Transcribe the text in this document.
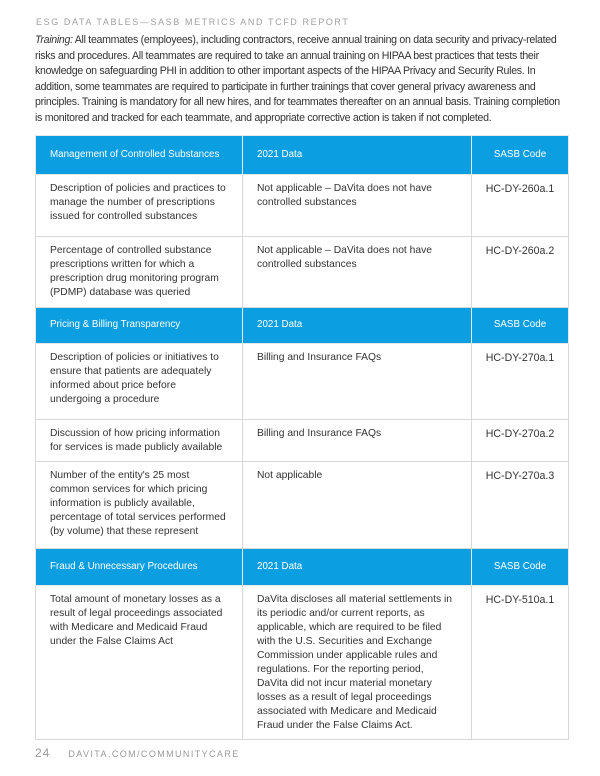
ESG DATA TABLES—SASB METRICS AND TCFD REPORT
Training: All teammates (employees), including contractors, receive annual training on data security and privacy-related risks and procedures. All teammates are required to take an annual training on HIPAA best practices that tests their knowledge on safeguarding PHI in addition to other important aspects of the HIPAA Privacy and Security Rules. In addition, some teammates are required to participate in further trainings that cover general privacy awareness and principles. Training is mandatory for all new hires, and for teammates thereafter on an annual basis. Training completion is monitored and tracked for each teammate, and appropriate corrective action is taken if not completed.
Management of Controlled Substances	2021 Data	SASB Code
Description of policies and practices to manage the number of prescriptions issued for controlled substances	Not applicable – DaVita does not have controlled substances	HC-DY-260a.1
Percentage of controlled substance prescriptions written for which a prescription drug monitoring program (PDMP) database was queried	Not applicable – DaVita does not have controlled substances	HC-DY-260a.2
Pricing & Billing Transparency	2021 Data	SASB Code
Description of policies or initiatives to ensure that patients are adequately informed about price before undergoing a procedure	Billing and Insurance FAQs	HC-DY-270a.1
Discussion of how pricing information for services is made publicly available	Billing and Insurance FAQs	HC-DY-270a.2
Number of the entity's 25 most common services for which pricing information is publicly available, percentage of total services performed (by volume) that these represent	Not applicable	HC-DY-270a.3
Fraud & Unnecessary Procedures	2021 Data	SASB Code
Total amount of monetary losses as a result of legal proceedings associated with Medicare and Medicaid Fraud under the False Claims Act	DaVita discloses all material settlements in its periodic and/or current reports, as applicable, which are required to be filed with the U.S. Securities and Exchange Commission under applicable rules and regulations. For the reporting period, DaVita did not incur material monetary losses as a result of legal proceedings associated with Medicare and Medicaid Fraud under the False Claims Act.	HC-DY-510a.1
24 DAVITA.COM/COMMUNITYCARE
